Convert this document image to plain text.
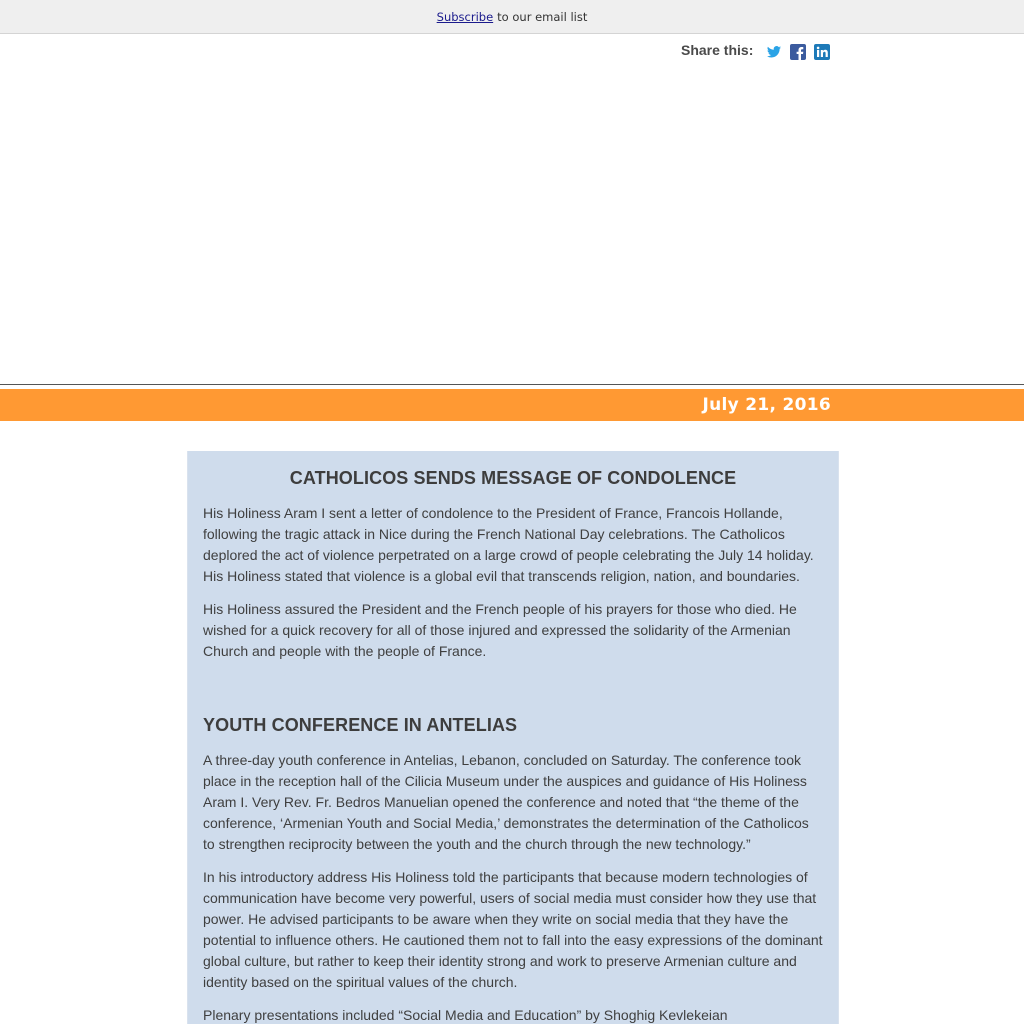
Subscribe to our email list
Share this:
July 21, 2016
CATHOLICOS SENDS MESSAGE OF CONDOLENCE

His Holiness Aram I sent a letter of condolence to the President of France, Francois Hollande, following the tragic attack in Nice during the French National Day celebrations. The Catholicos deplored the act of violence perpetrated on a large crowd of people celebrating the July 14 holiday. His Holiness stated that violence is a global evil that transcends religion, nation, and boundaries.

His Holiness assured the President and the French people of his prayers for those who died. He wished for a quick recovery for all of those injured and expressed the solidarity of the Armenian Church and people with the people of France.

YOUTH CONFERENCE IN ANTELIAS

A three-day youth conference in Antelias, Lebanon, concluded on Saturday. The conference took place in the reception hall of the Cilicia Museum under the auspices and guidance of His Holiness Aram I. Very Rev. Fr. Bedros Manuelian opened the conference and noted that “the theme of the conference, ‘Armenian Youth and Social Media,’ demonstrates the determination of the Catholicos to strengthen reciprocity between the youth and the church through the new technology.”

In his introductory address His Holiness told the participants that because modern technologies of communication have become very powerful, users of social media must consider how they use that power. He advised participants to be aware when they write on social media that they have the potential to influence others. He cautioned them not to fall into the easy expressions of the dominant global culture, but rather to keep their identity strong and work to preserve Armenian culture and identity based on the spiritual values of the church.

Plenary presentations included “Social Media and Education” by Shoghig Kevlekeian
